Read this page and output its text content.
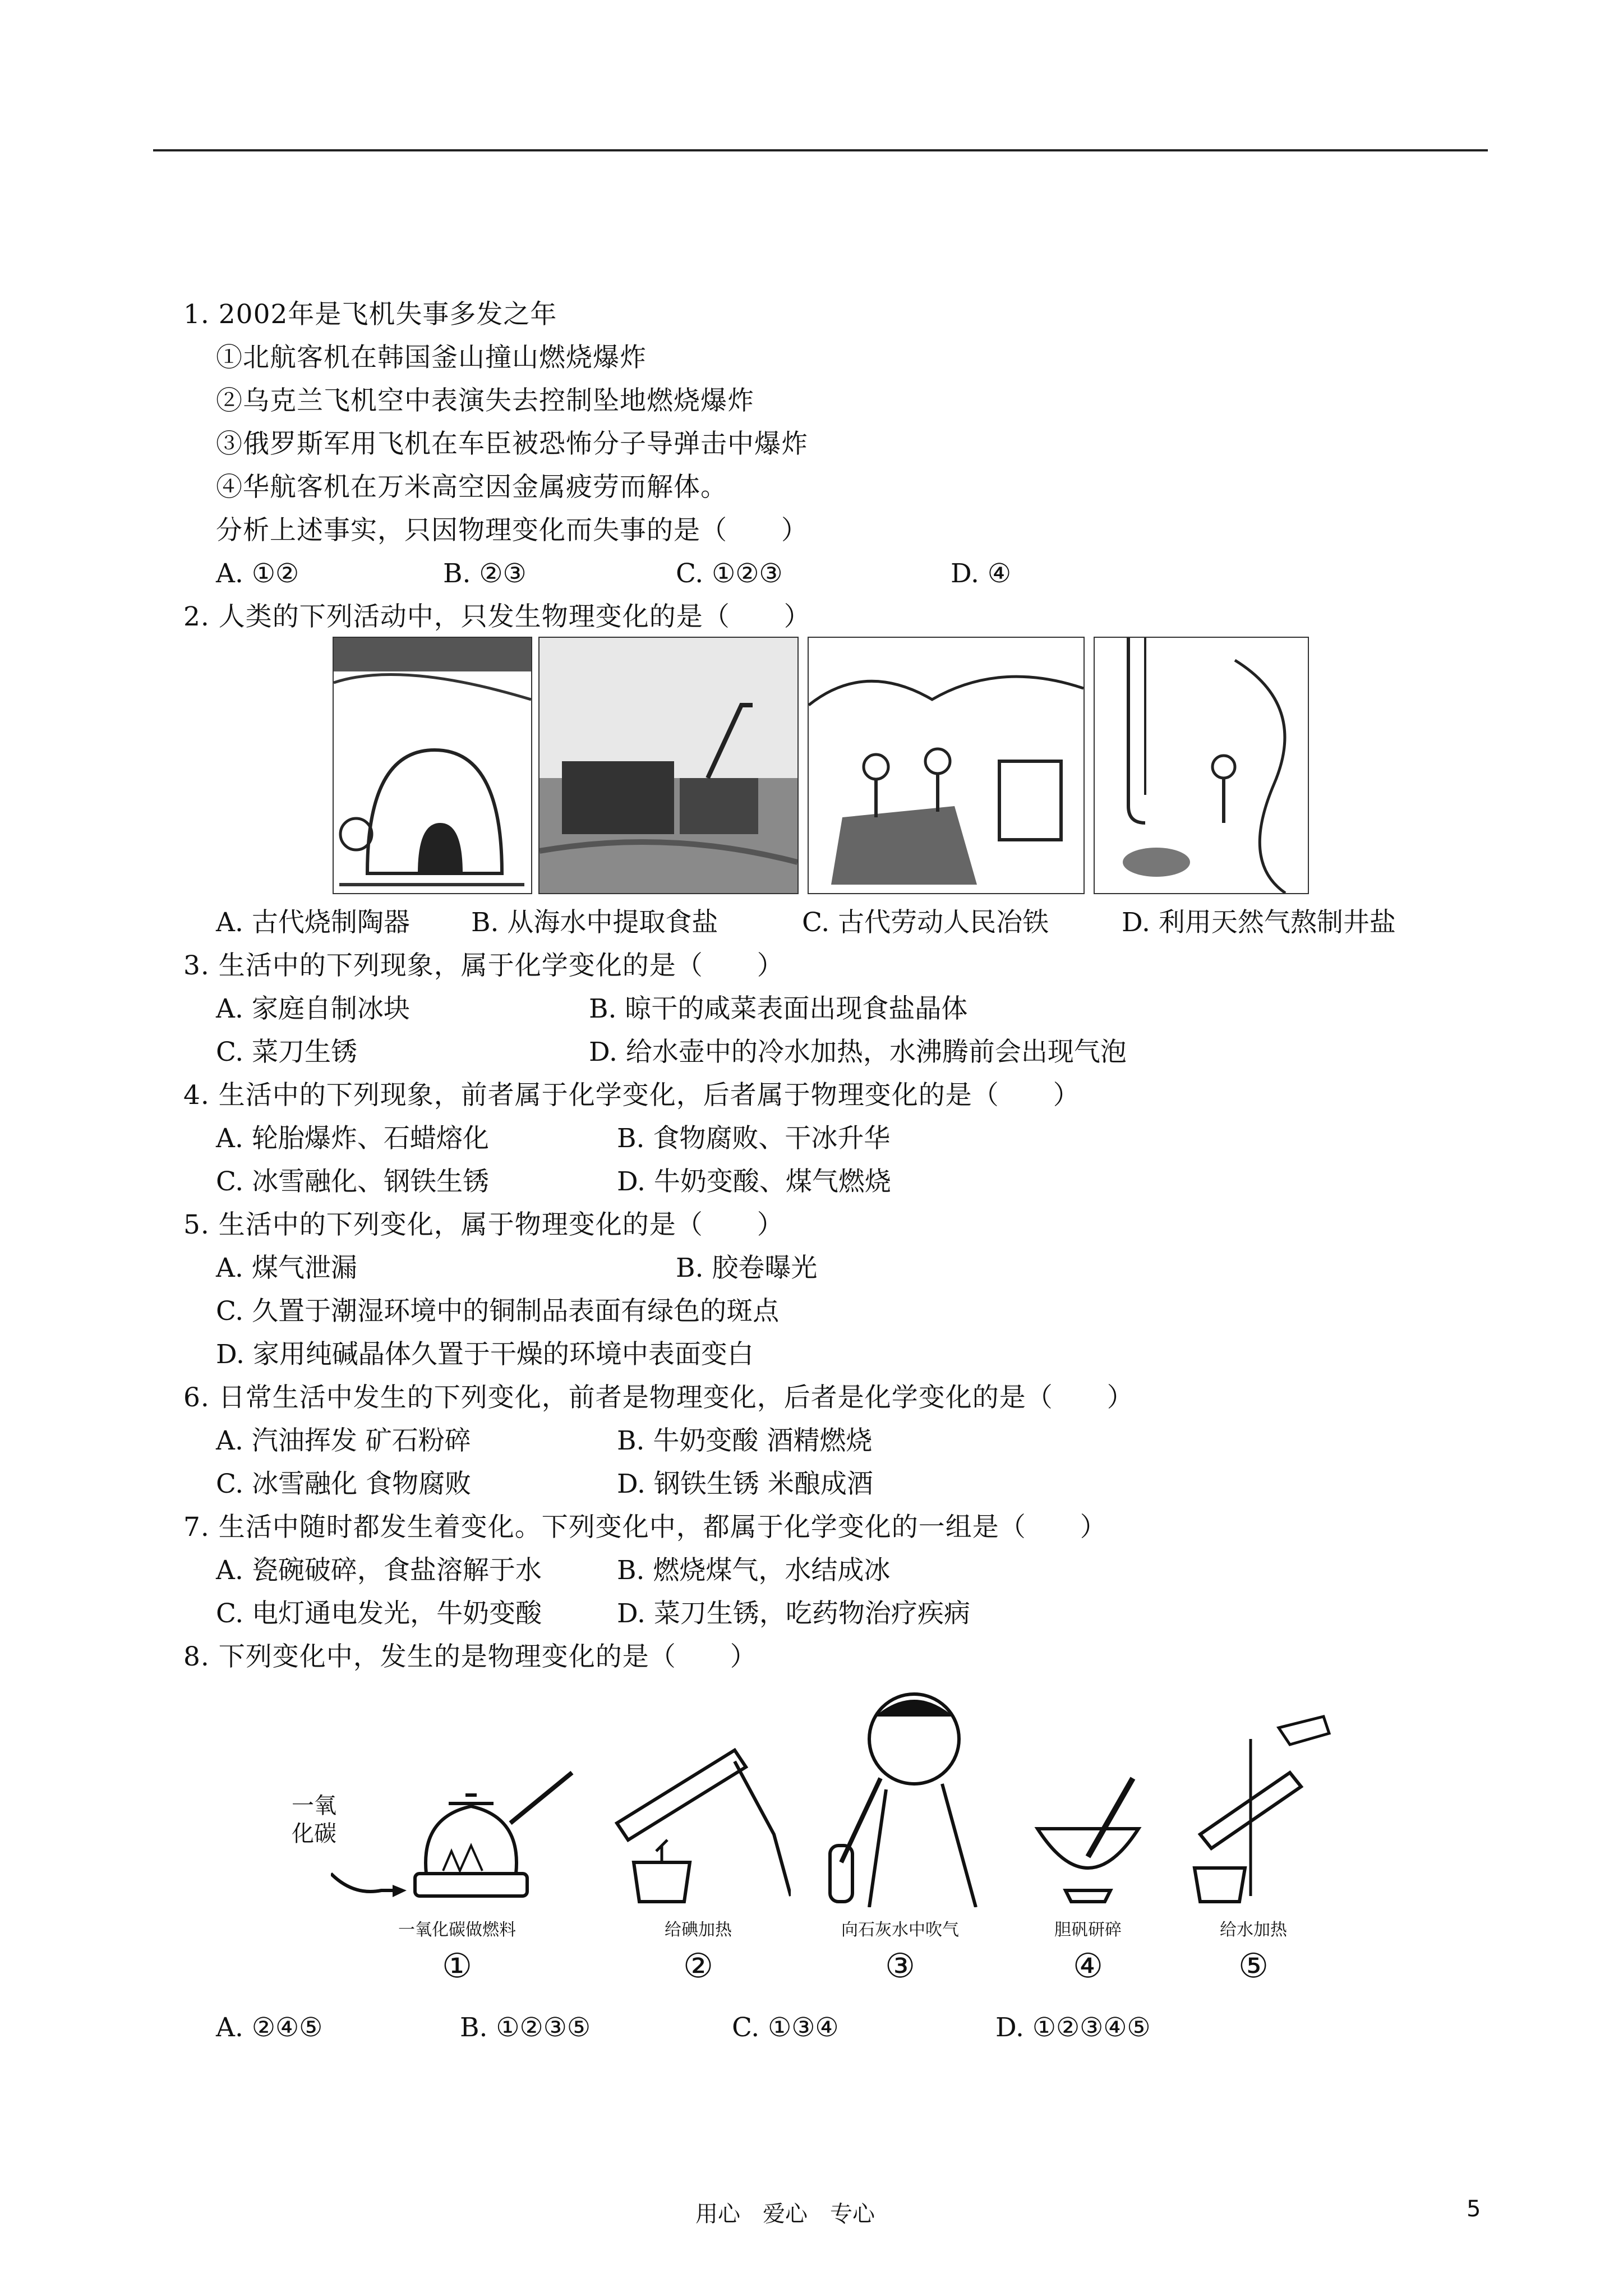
1. 2002年是飞机失事多发之年
①北航客机在韩国釜山撞山燃烧爆炸
②乌克兰飞机空中表演失去控制坠地燃烧爆炸
③俄罗斯军用飞机在车臣被恐怖分子导弹击中爆炸
④华航客机在万米高空因金属疲劳而解体。
分析上述事实，只因物理变化而失事的是（　　）
A. ①②	B. ②③	C. ①②③	D. ④
2. 人类的下列活动中，只发生物理变化的是（　　）
A. 古代烧制陶器 B. 从海水中提取食盐	C. 古代劳动人民冶铁	D. 利用天然气熬制井盐
3. 生活中的下列现象，属于化学变化的是（　　）
A. 家庭自制冰块	B. 晾干的咸菜表面出现食盐晶体
C. 菜刀生锈	D. 给水壶中的冷水加热，水沸腾前会出现气泡
4. 生活中的下列现象，前者属于化学变化，后者属于物理变化的是（　　）
A. 轮胎爆炸、石蜡熔化	B. 食物腐败、干冰升华
C. 冰雪融化、钢铁生锈	D. 牛奶变酸、煤气燃烧
5. 生活中的下列变化，属于物理变化的是（　　）
A. 煤气泄漏	B. 胶卷曝光
C. 久置于潮湿环境中的铜制品表面有绿色的斑点
D. 家用纯碱晶体久置于干燥的环境中表面变白
6. 日常生活中发生的下列变化，前者是物理变化，后者是化学变化的是（　　）
A. 汽油挥发 矿石粉碎	B. 牛奶变酸 酒精燃烧
C. 冰雪融化 食物腐败	D. 钢铁生锈 米酿成酒
7. 生活中随时都发生着变化。下列变化中，都属于化学变化的一组是（　　）
A. 瓷碗破碎，食盐溶解于水	B. 燃烧煤气，水结成冰
C. 电灯通电发光，牛奶变酸	D. 菜刀生锈，吃药物治疗疾病
8. 下列变化中，发生的是物理变化的是（　　）
一氧
化碳
一氧化碳做燃料	给碘加热	向石灰水中吹气	胆矾研碎	给水加热
①	②	③	④	⑤
A. ②④⑤	B. ①②③⑤	C. ①③④	D. ①②③④⑤
用心　爱心　专心	5
